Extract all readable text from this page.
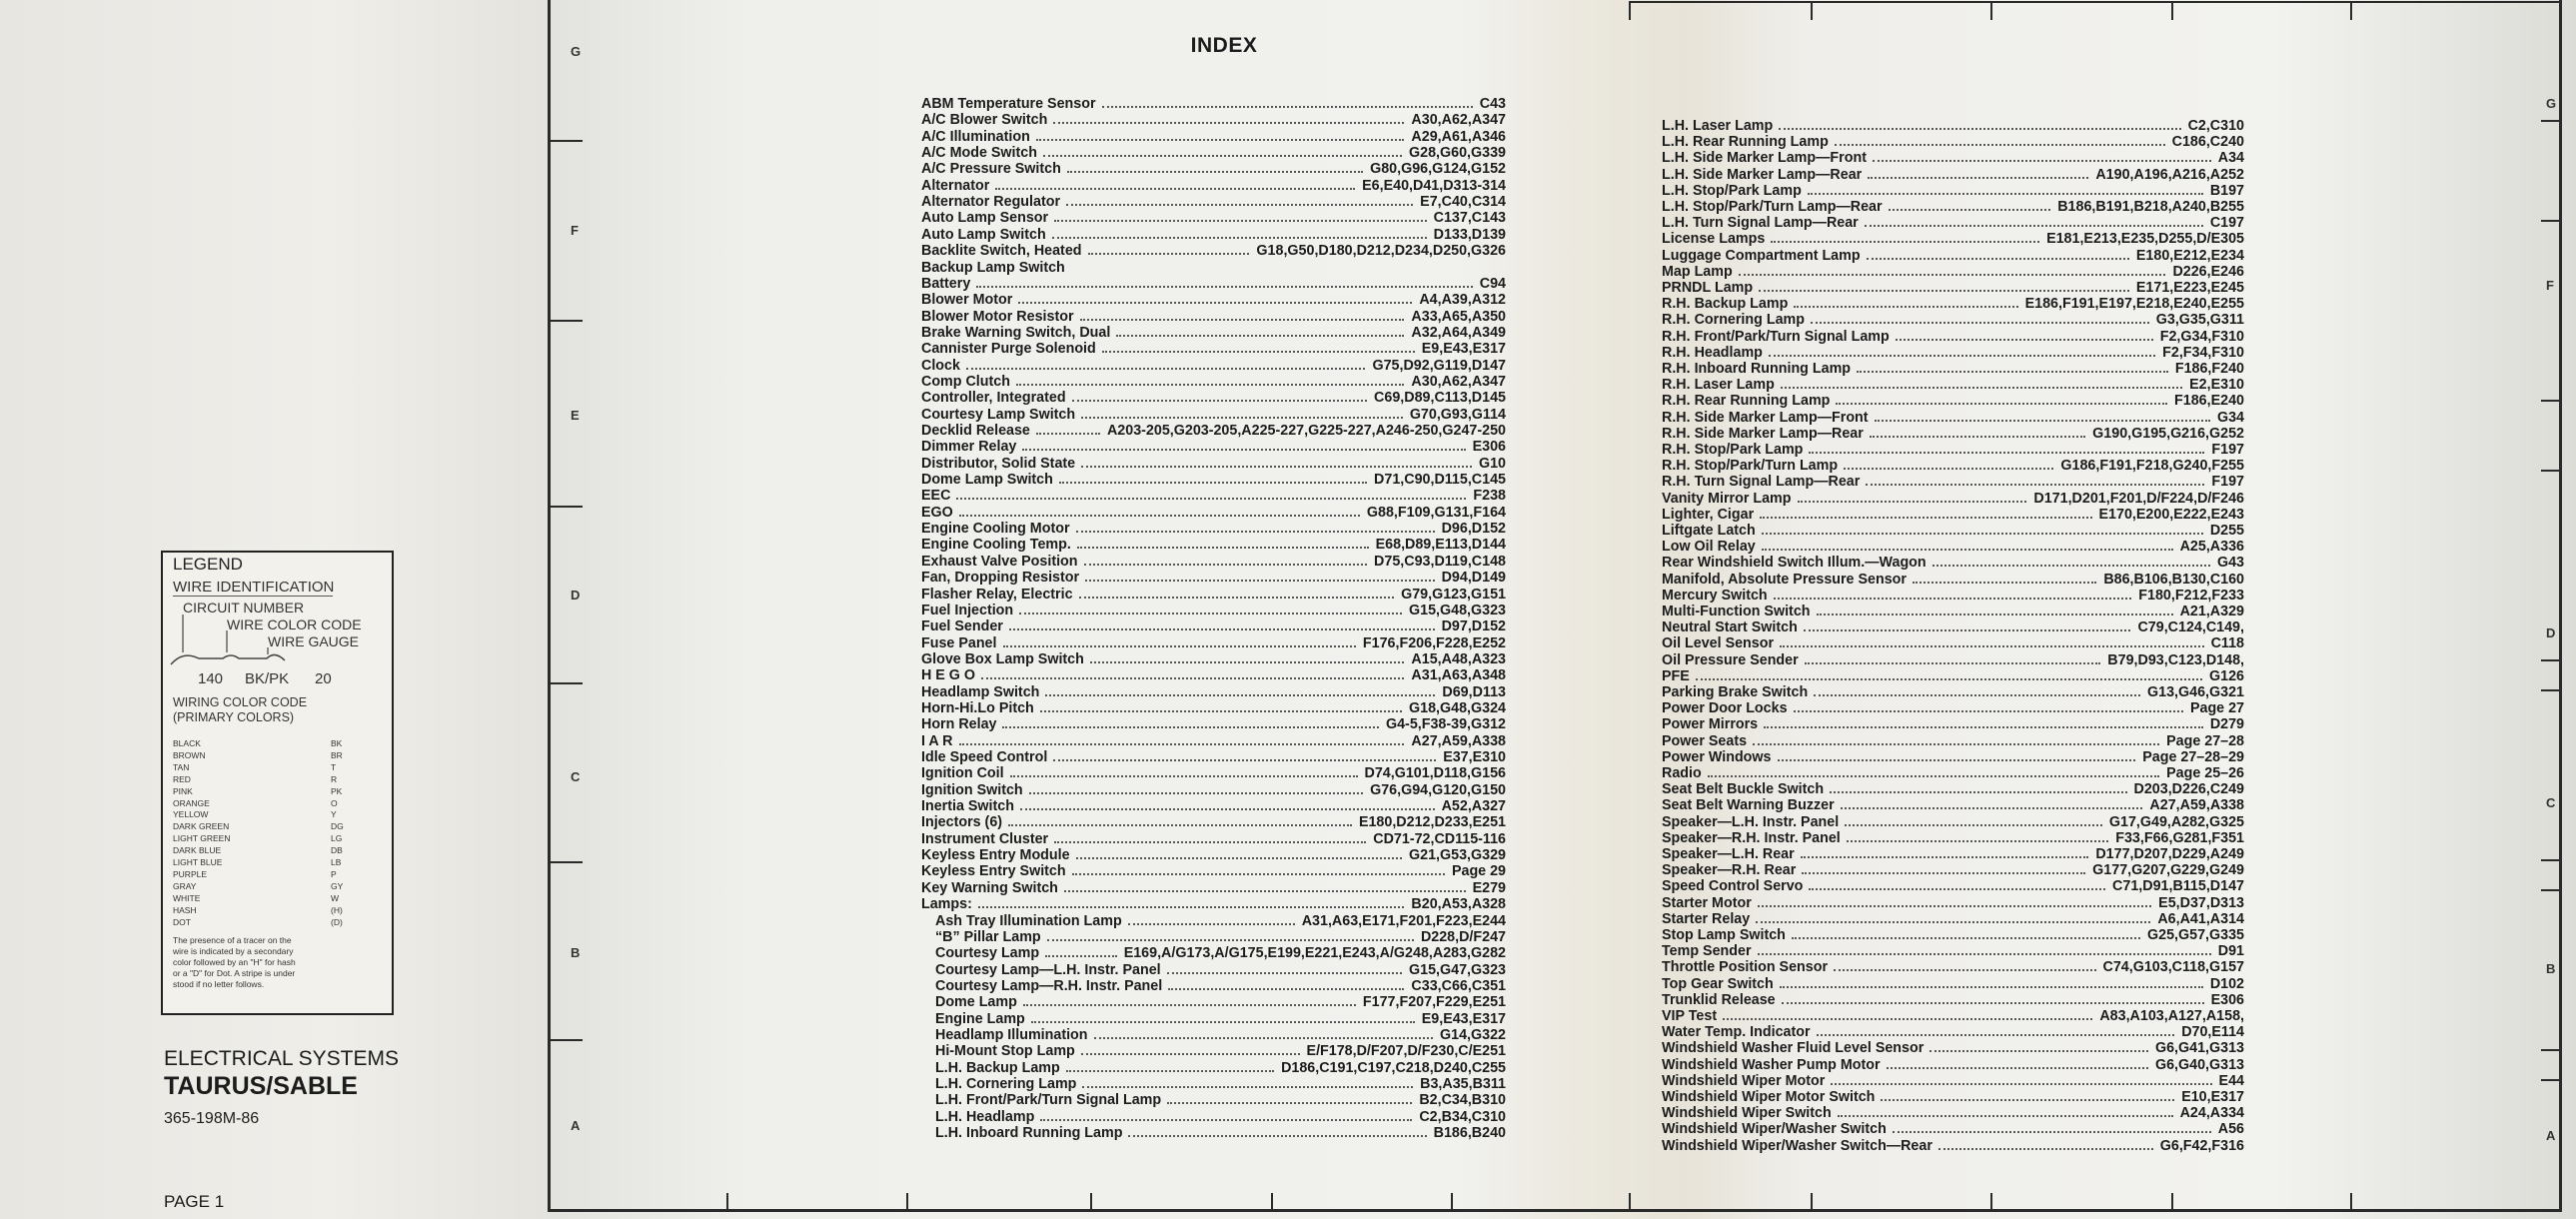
G
F
E
D
C
B
A
G
F
D
C
B
A
INDEX
ABM Temperature Sensor	C43
A/C Blower Switch	A30,A62,A347
A/C Illumination	A29,A61,A346
A/C Mode Switch	G28,G60,G339
A/C Pressure Switch	G80,G96,G124,G152
Alternator	E6,E40,D41,D313-314
Alternator Regulator	E7,C40,C314
Auto Lamp Sensor	C137,C143
Auto Lamp Switch	D133,D139
Backlite Switch, Heated	G18,G50,D180,D212,D234,D250,G326
Backup Lamp Switch
Battery	C94
Blower Motor	A4,A39,A312
Blower Motor Resistor	A33,A65,A350
Brake Warning Switch, Dual	A32,A64,A349
Cannister Purge Solenoid	E9,E43,E317
Clock	G75,D92,G119,D147
Comp Clutch	A30,A62,A347
Controller, Integrated	C69,D89,C113,D145
Courtesy Lamp Switch	G70,G93,G114
Decklid Release	A203-205,G203-205,A225-227,G225-227,A246-250,G247-250
Dimmer Relay	E306
Distributor, Solid State	G10
Dome Lamp Switch	D71,C90,D115,C145
EEC	F238
EGO	G88,F109,G131,F164
Engine Cooling Motor	D96,D152
Engine Cooling Temp.	E68,D89,E113,D144
Exhaust Valve Position	D75,C93,D119,C148
Fan, Dropping Resistor	D94,D149
Flasher Relay, Electric	G79,G123,G151
Fuel Injection	G15,G48,G323
Fuel Sender	D97,D152
Fuse Panel	F176,F206,F228,E252
Glove Box Lamp Switch	A15,A48,A323
H E G O	A31,A63,A348
Headlamp Switch	D69,D113
Horn-Hi.Lo Pitch	G18,G48,G324
Horn Relay	G4-5,F38-39,G312
I A R	A27,A59,A338
Idle Speed Control	E37,E310
Ignition Coil	D74,G101,D118,G156
Ignition Switch	G76,G94,G120,G150
Inertia Switch	A52,A327
Injectors (6)	E180,D212,D233,E251
Instrument Cluster	CD71-72,CD115-116
Keyless Entry Module	G21,G53,G329
Keyless Entry Switch	Page 29
Key Warning Switch	E279
Lamps:	B20,A53,A328
Ash Tray Illumination Lamp	A31,A63,E171,F201,F223,E244
“B” Pillar Lamp	D228,D/F247
Courtesy Lamp	E169,A/G173,A/G175,E199,E221,E243,A/G248,A283,G282
Courtesy Lamp—L.H. Instr. Panel	G15,G47,G323
Courtesy Lamp—R.H. Instr. Panel	C33,C66,C351
Dome Lamp	F177,F207,F229,E251
Engine Lamp	E9,E43,E317
Headlamp Illumination	G14,G322
Hi-Mount Stop Lamp	E/F178,D/F207,D/F230,C/E251
L.H. Backup Lamp	D186,C191,C197,C218,D240,C255
L.H. Cornering Lamp	B3,A35,B311
L.H. Front/Park/Turn Signal Lamp	B2,C34,B310
L.H. Headlamp	C2,B34,C310
L.H. Inboard Running Lamp	B186,B240
L.H. Laser Lamp	C2,C310
L.H. Rear Running Lamp	C186,C240
L.H. Side Marker Lamp—Front	A34
L.H. Side Marker Lamp—Rear	A190,A196,A216,A252
L.H. Stop/Park Lamp	B197
L.H. Stop/Park/Turn Lamp—Rear	B186,B191,B218,A240,B255
L.H. Turn Signal Lamp—Rear	C197
License Lamps	E181,E213,E235,D255,D/E305
Luggage Compartment Lamp	E180,E212,E234
Map Lamp	D226,E246
PRNDL Lamp	E171,E223,E245
R.H. Backup Lamp	E186,F191,E197,E218,E240,E255
R.H. Cornering Lamp	G3,G35,G311
R.H. Front/Park/Turn Signal Lamp	F2,G34,F310
R.H. Headlamp	F2,F34,F310
R.H. Inboard Running Lamp	F186,F240
R.H. Laser Lamp	E2,E310
R.H. Rear Running Lamp	F186,E240
R.H. Side Marker Lamp—Front	G34
R.H. Side Marker Lamp—Rear	G190,G195,G216,G252
R.H. Stop/Park Lamp	F197
R.H. Stop/Park/Turn Lamp	G186,F191,F218,G240,F255
R.H. Turn Signal Lamp—Rear	F197
Vanity Mirror Lamp	D171,D201,F201,D/F224,D/F246
Lighter, Cigar	E170,E200,E222,E243
Liftgate Latch	D255
Low Oil Relay	A25,A336
Rear Windshield Switch Illum.—Wagon	G43
Manifold, Absolute Pressure Sensor	B86,B106,B130,C160
Mercury Switch	F180,F212,F233
Multi-Function Switch	A21,A329
Neutral Start Switch	C79,C124,C149,
Oil Level Sensor	C118
Oil Pressure Sender	B79,D93,C123,D148,
PFE	G126
Parking Brake Switch	G13,G46,G321
Power Door Locks	Page 27
Power Mirrors	D279
Power Seats	Page 27–28
Power Windows	Page 27–28–29
Radio	Page 25–26
Seat Belt Buckle Switch	D203,D226,C249
Seat Belt Warning Buzzer	A27,A59,A338
Speaker—L.H. Instr. Panel	G17,G49,A282,G325
Speaker—R.H. Instr. Panel	F33,F66,G281,F351
Speaker—L.H. Rear	D177,D207,D229,A249
Speaker—R.H. Rear	G177,G207,G229,G249
Speed Control Servo	C71,D91,B115,D147
Starter Motor	E5,D37,D313
Starter Relay	A6,A41,A314
Stop Lamp Switch	G25,G57,G335
Temp Sender	D91
Throttle Position Sensor	C74,G103,C118,G157
Top Gear Switch	D102
Trunklid Release	E306
VIP Test	A83,A103,A127,A158,
Water Temp. Indicator	D70,E114
Windshield Washer Fluid Level Sensor	G6,G41,G313
Windshield Washer Pump Motor	G6,G40,G313
Windshield Wiper Motor	E44
Windshield Wiper Motor Switch	E10,E317
Windshield Wiper Switch	A24,A334
Windshield Wiper/Washer Switch	A56
Windshield Wiper/Washer Switch—Rear	G6,F42,F316
LEGEND
WIRE IDENTIFICATION
CIRCUIT NUMBER
WIRE COLOR CODE
WIRE GAUGE
140 BK/PK 20
WIRING COLOR CODE
(PRIMARY COLORS)
BLACK	BK
BROWN	BR
TAN	T
RED	R
PINK	PK
ORANGE	O
YELLOW	Y
DARK GREEN	DG
LIGHT GREEN	LG
DARK BLUE	DB
LIGHT BLUE	LB
PURPLE	P
GRAY	GY
WHITE	W
HASH	(H)
DOT	(D)
The presence of a tracer on the wire is indicated by a secondary color followed by an "H" for hash or a "D" for Dot. A stripe is under stood if no letter follows.
ELECTRICAL SYSTEMS
TAURUS/SABLE
365-198M-86
PAGE 1
